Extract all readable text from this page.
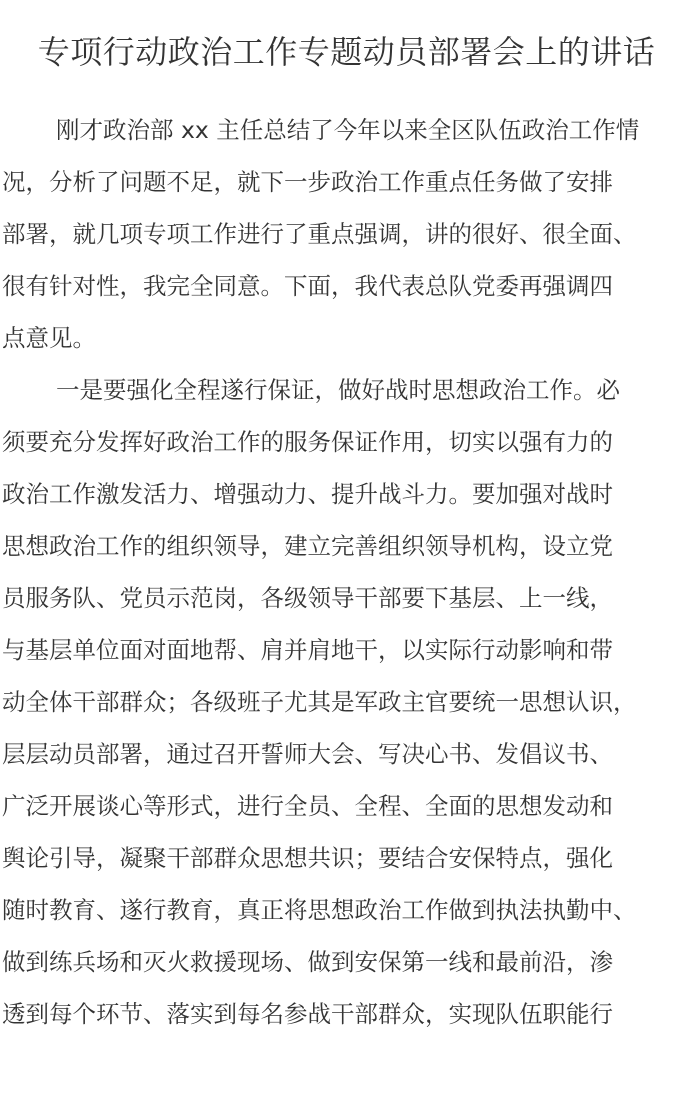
专项行动政治工作专题动员部署会上的讲话
刚才政治部 xx 主任总结了今年以来全区队伍政治工作情
况，分析了问题不足，就下一步政治工作重点任务做了安排
部署，就几项专项工作进行了重点强调，讲的很好、很全面、
很有针对性，我完全同意。下面，我代表总队党委再强调四
点意见。
一是要强化全程遂行保证，做好战时思想政治工作。必
须要充分发挥好政治工作的服务保证作用，切实以强有力的
政治工作激发活力、增强动力、提升战斗力。要加强对战时
思想政治工作的组织领导，建立完善组织领导机构，设立党
员服务队、党员示范岗，各级领导干部要下基层、上一线，
与基层单位面对面地帮、肩并肩地干，以实际行动影响和带
动全体干部群众；各级班子尤其是军政主官要统一思想认识，
层层动员部署，通过召开誓师大会、写决心书、发倡议书、
广泛开展谈心等形式，进行全员、全程、全面的思想发动和
舆论引导，凝聚干部群众思想共识；要结合安保特点，强化
随时教育、遂行教育，真正将思想政治工作做到执法执勤中、
做到练兵场和灭火救援现场、做到安保第一线和最前沿，渗
透到每个环节、落实到每名参战干部群众，实现队伍职能行
